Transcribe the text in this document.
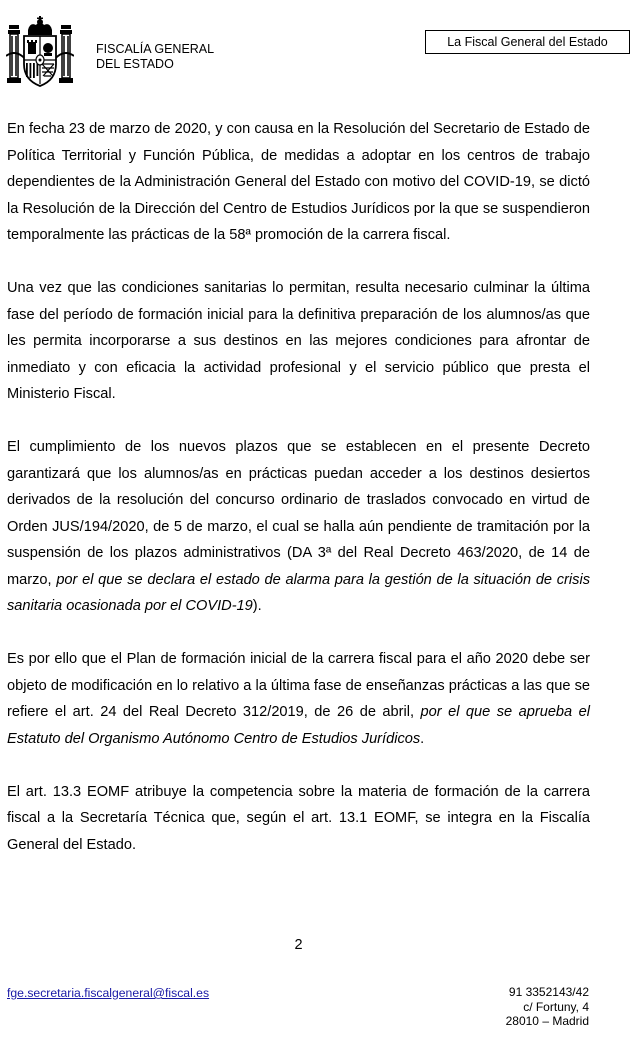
FISCALÍA GENERAL
DEL ESTADO
La Fiscal General del Estado

En fecha 23 de marzo de 2020, y con causa en la Resolución del Secretario de Estado de Política Territorial y Función Pública, de medidas a adoptar en los centros de trabajo dependientes de la Administración General del Estado con motivo del COVID-19, se dictó la Resolución de la Dirección del Centro de Estudios Jurídicos por la que se suspendieron temporalmente las prácticas de la 58ª promoción de la carrera fiscal.

Una vez que las condiciones sanitarias lo permitan, resulta necesario culminar la última fase del período de formación inicial para la definitiva preparación de los alumnos/as que les permita incorporarse a sus destinos en las mejores condiciones para afrontar de inmediato y con eficacia la actividad profesional y el servicio público que presta el Ministerio Fiscal.

El cumplimiento de los nuevos plazos que se establecen en el presente Decreto garantizará que los alumnos/as en prácticas puedan acceder a los destinos desiertos derivados de la resolución del concurso ordinario de traslados convocado en virtud de Orden JUS/194/2020, de 5 de marzo, el cual se halla aún pendiente de tramitación por la suspensión de los plazos administrativos (DA 3ª del Real Decreto 463/2020, de 14 de marzo, por el que se declara el estado de alarma para la gestión de la situación de crisis sanitaria ocasionada por el COVID-19).

Es por ello que el Plan de formación inicial de la carrera fiscal para el año 2020 debe ser objeto de modificación en lo relativo a la última fase de enseñanzas prácticas a las que se refiere el art. 24 del Real Decreto 312/2019, de 26 de abril, por el que se aprueba el Estatuto del Organismo Autónomo Centro de Estudios Jurídicos.

El art. 13.3 EOMF atribuye la competencia sobre la materia de formación de la carrera fiscal a la Secretaría Técnica que, según el art. 13.1 EOMF, se integra en la Fiscalía General del Estado.

2
fge.secretaria.fiscalgeneral@fiscal.es	91 3352143/42
c/ Fortuny, 4
28010 – Madrid
